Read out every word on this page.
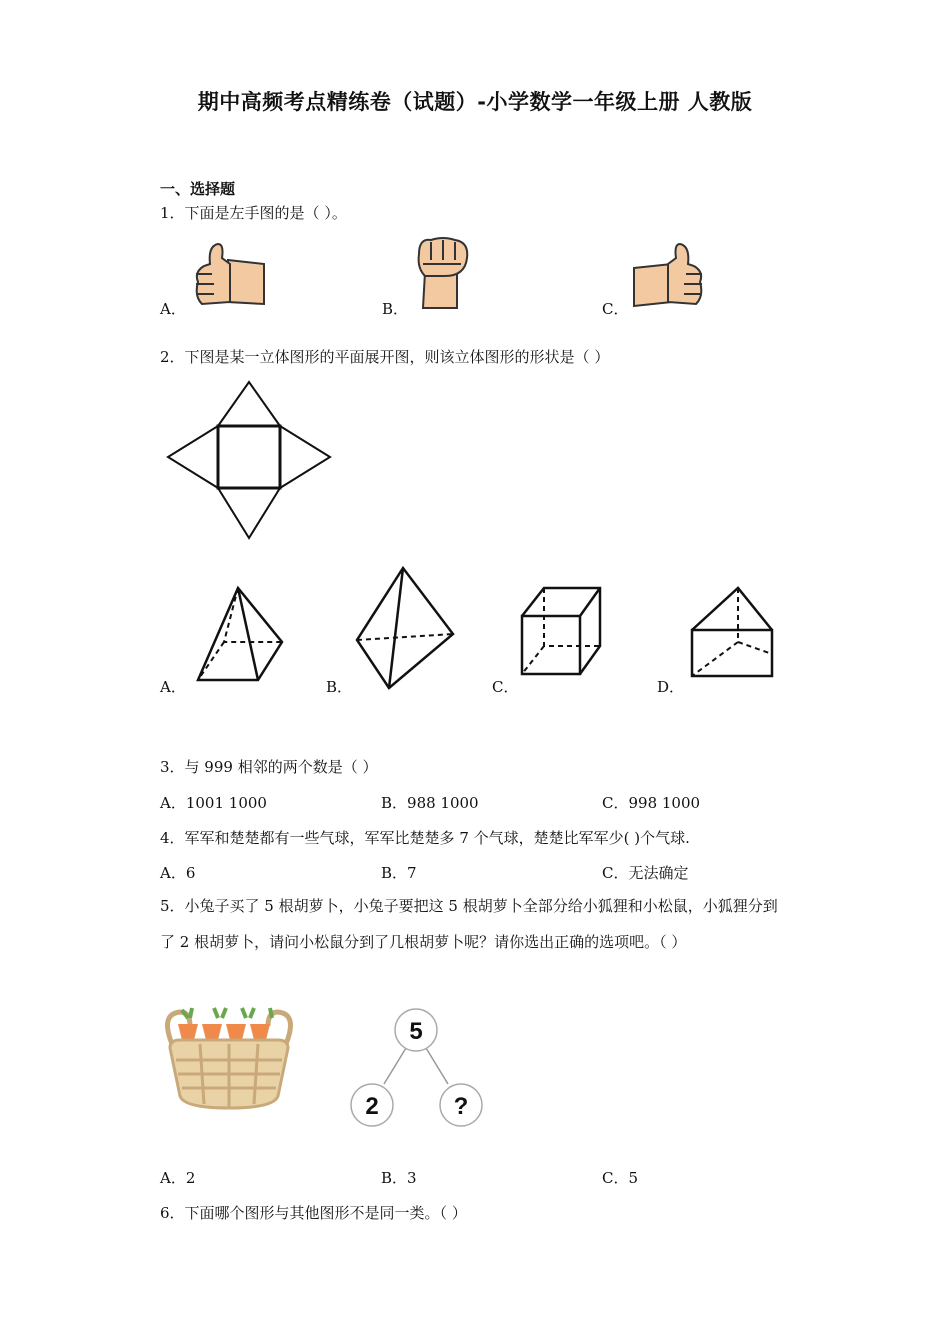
期中高频考点精练卷（试题）-小学数学一年级上册 人教版
一、选择题
1．下面是左手图的是（ ）。
A．	B．	C．
2．下图是某一立体图形的平面展开图，则该立体图形的形状是（ ）
A．	B．	C．	D．
3．与 999 相邻的两个数是（ ）
A．1001 1000	B．988 1000	C．998 1000
4．军军和楚楚都有一些气球，军军比楚楚多 7 个气球，楚楚比军军少( )个气球.
A．6	B．7	C．无法确定
5．小兔子买了 5 根胡萝卜，小兔子要把这 5 根胡萝卜全部分给小狐狸和小松鼠，小狐狸分到了 2 根胡萝卜，请问小松鼠分到了几根胡萝卜呢？请你选出正确的选项吧。（ ）
5
2	?
A．2	B．3	C．5
6．下面哪个图形与其他图形不是同一类。（ ）
